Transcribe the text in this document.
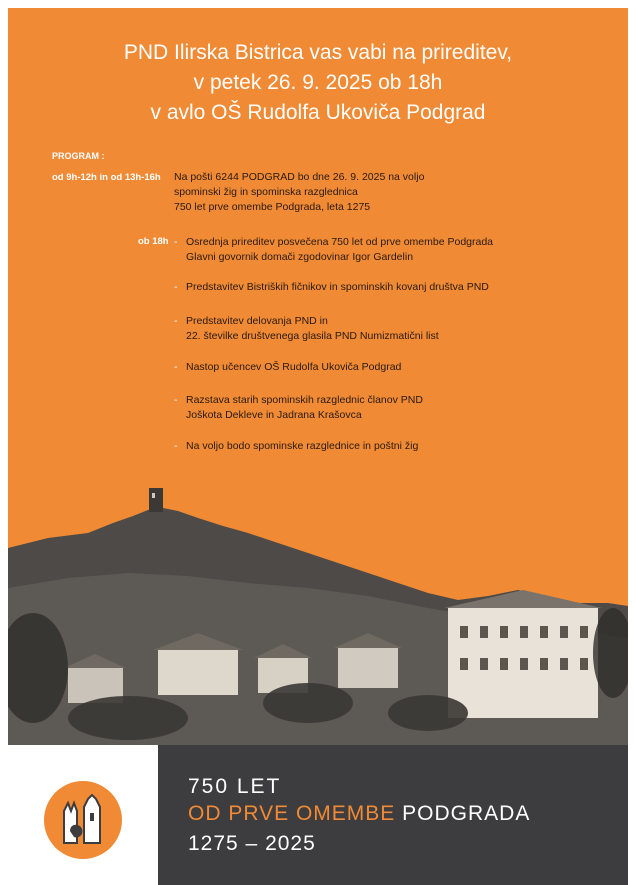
PND Ilirska Bistrica vas vabi na prireditev,
v petek 26. 9. 2025 ob 18h
v avlo OŠ Rudolfa Ukoviča Podgrad
PROGRAM :
od 9h-12h in od 13h-16h
ob 18h
Na pošti 6244 PODGRAD bo dne 26. 9. 2025 na voljo
spominski žig in spominska razglednica
750 let prve omembe Podgrada, leta 1275
- Osrednja prireditev posvečena 750 let od prve omembe Podgrada
Glavni govornik domači zgodovinar Igor Gardelin
- Predstavitev Bistriških fičnikov in spominskih kovanj društva PND
- Predstavitev delovanja PND in
22. številke društvenega glasila PND Numizmatični list
- Nastop učencev OŠ Rudolfa Ukoviča Podgrad
- Razstava starih spominskih razglednic članov PND
Joškota Dekleve in Jadrana Krašovca
- Na voljo bodo spominske razglednice in poštni žig
750 LET
OD PRVE OMEMBE PODGRADA
1275 – 2025
